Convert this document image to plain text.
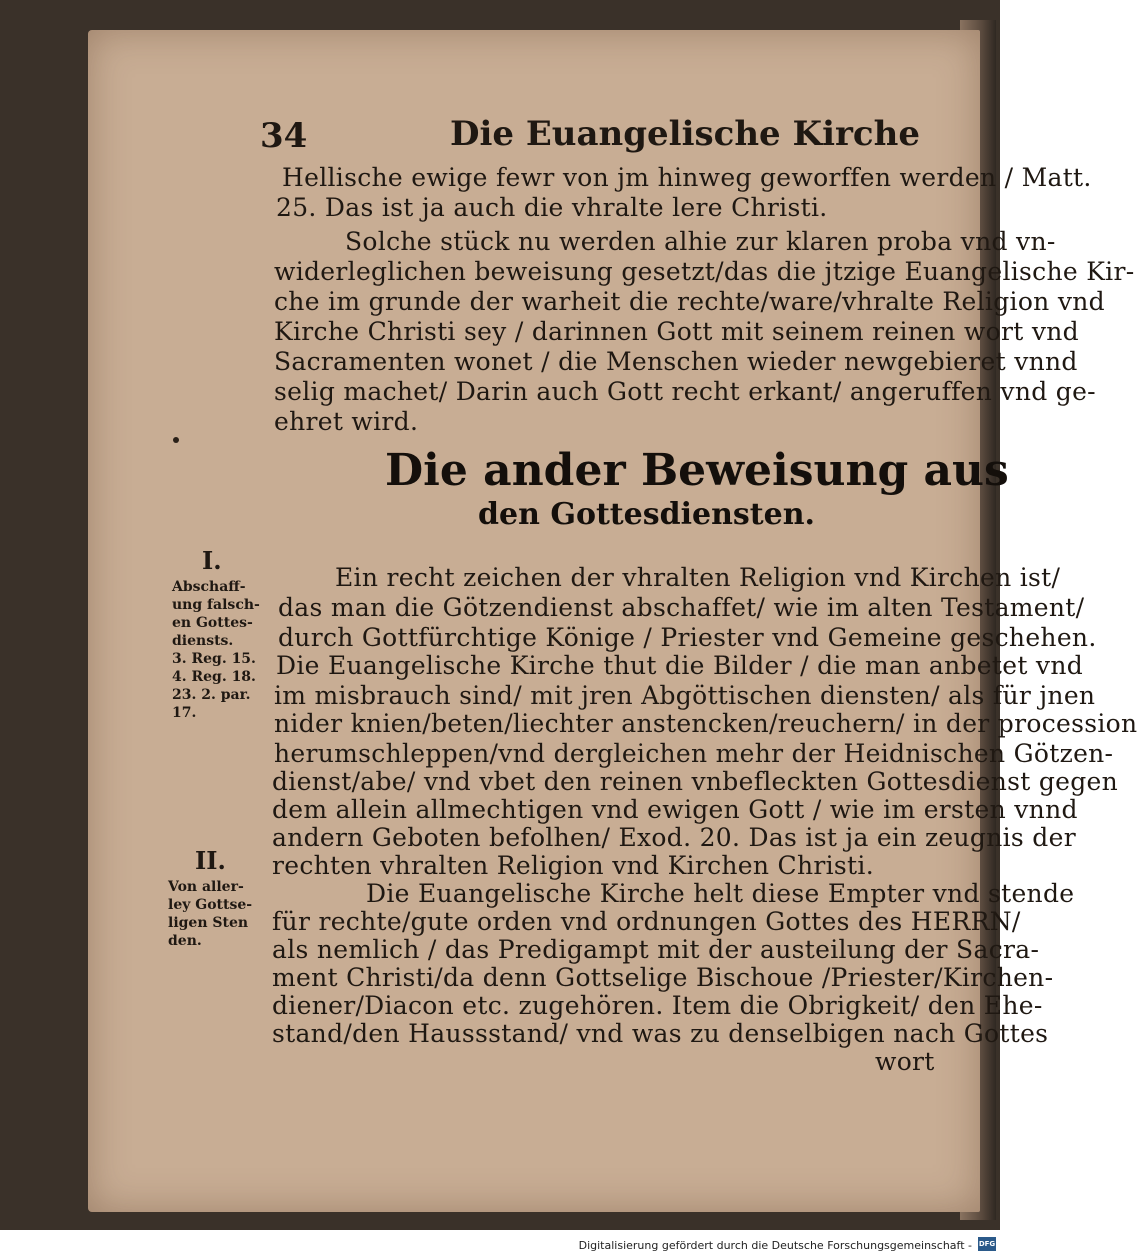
34	Die Euangelische Kirche
Hellische ewige fewr von jm hinweg geworffen werden / Matt.
25. Das ist ja auch die vhralte lere Christi.
Solche stück nu werden alhie zur klaren proba vnd vn-
widerleglichen beweisung gesetzt/das die jtzige Euangelische Kir-
che im grunde der warheit die rechte/ware/vhralte Religion vnd
Kirche Christi sey / darinnen Gott mit seinem reinen wort vnd
Sacramenten wonet / die Menschen wieder newgebieret vnnd
selig machet/ Darin auch Gott recht erkant/ angeruffen vnd ge-
ehret wird.
Die ander Beweisung aus
den Gottesdiensten.
Ein recht zeichen der vhralten Religion vnd Kirchen ist/
das man die Götzendienst abschaffet/ wie im alten Testament/
durch Gottfürchtige Könige / Priester vnd Gemeine geschehen.
Die Euangelische Kirche thut die Bilder / die man anbetet vnd
im misbrauch sind/ mit jren Abgöttischen diensten/ als für jnen
nider knien/beten/liechter anstencken/reuchern/ in der procession
herumschleppen/vnd dergleichen mehr der Heidnischen Götzen-
dienst/abe/ vnd vbet den reinen vnbefleckten Gottesdienst gegen
dem allein allmechtigen vnd ewigen Gott / wie im ersten vnnd
andern Geboten befolhen/ Exod. 20. Das ist ja ein zeugnis der
rechten vhralten Religion vnd Kirchen Christi.
Die Euangelische Kirche helt diese Empter vnd stende
für rechte/gute orden vnd ordnungen Gottes des HERRN/
als nemlich / das Predigampt mit der austeilung der Sacra-
ment Christi/da denn Gottselige Bischoue /Priester/Kirchen-
diener/Diacon etc. zugehören. Item die Obrigkeit/ den Ehe-
stand/den Haussstand/ vnd was zu denselbigen nach Gottes
wort
I.
Abschaff-
ung falsch-
en Gottes-
diensts.
3. Reg. 15.
4. Reg. 18.
23. 2. par.
17.
II.
Von aller-
ley Gottse-
ligen Sten
den.
Digitalisierung gefördert durch die Deutsche Forschungsgemeinschaft - DFG
